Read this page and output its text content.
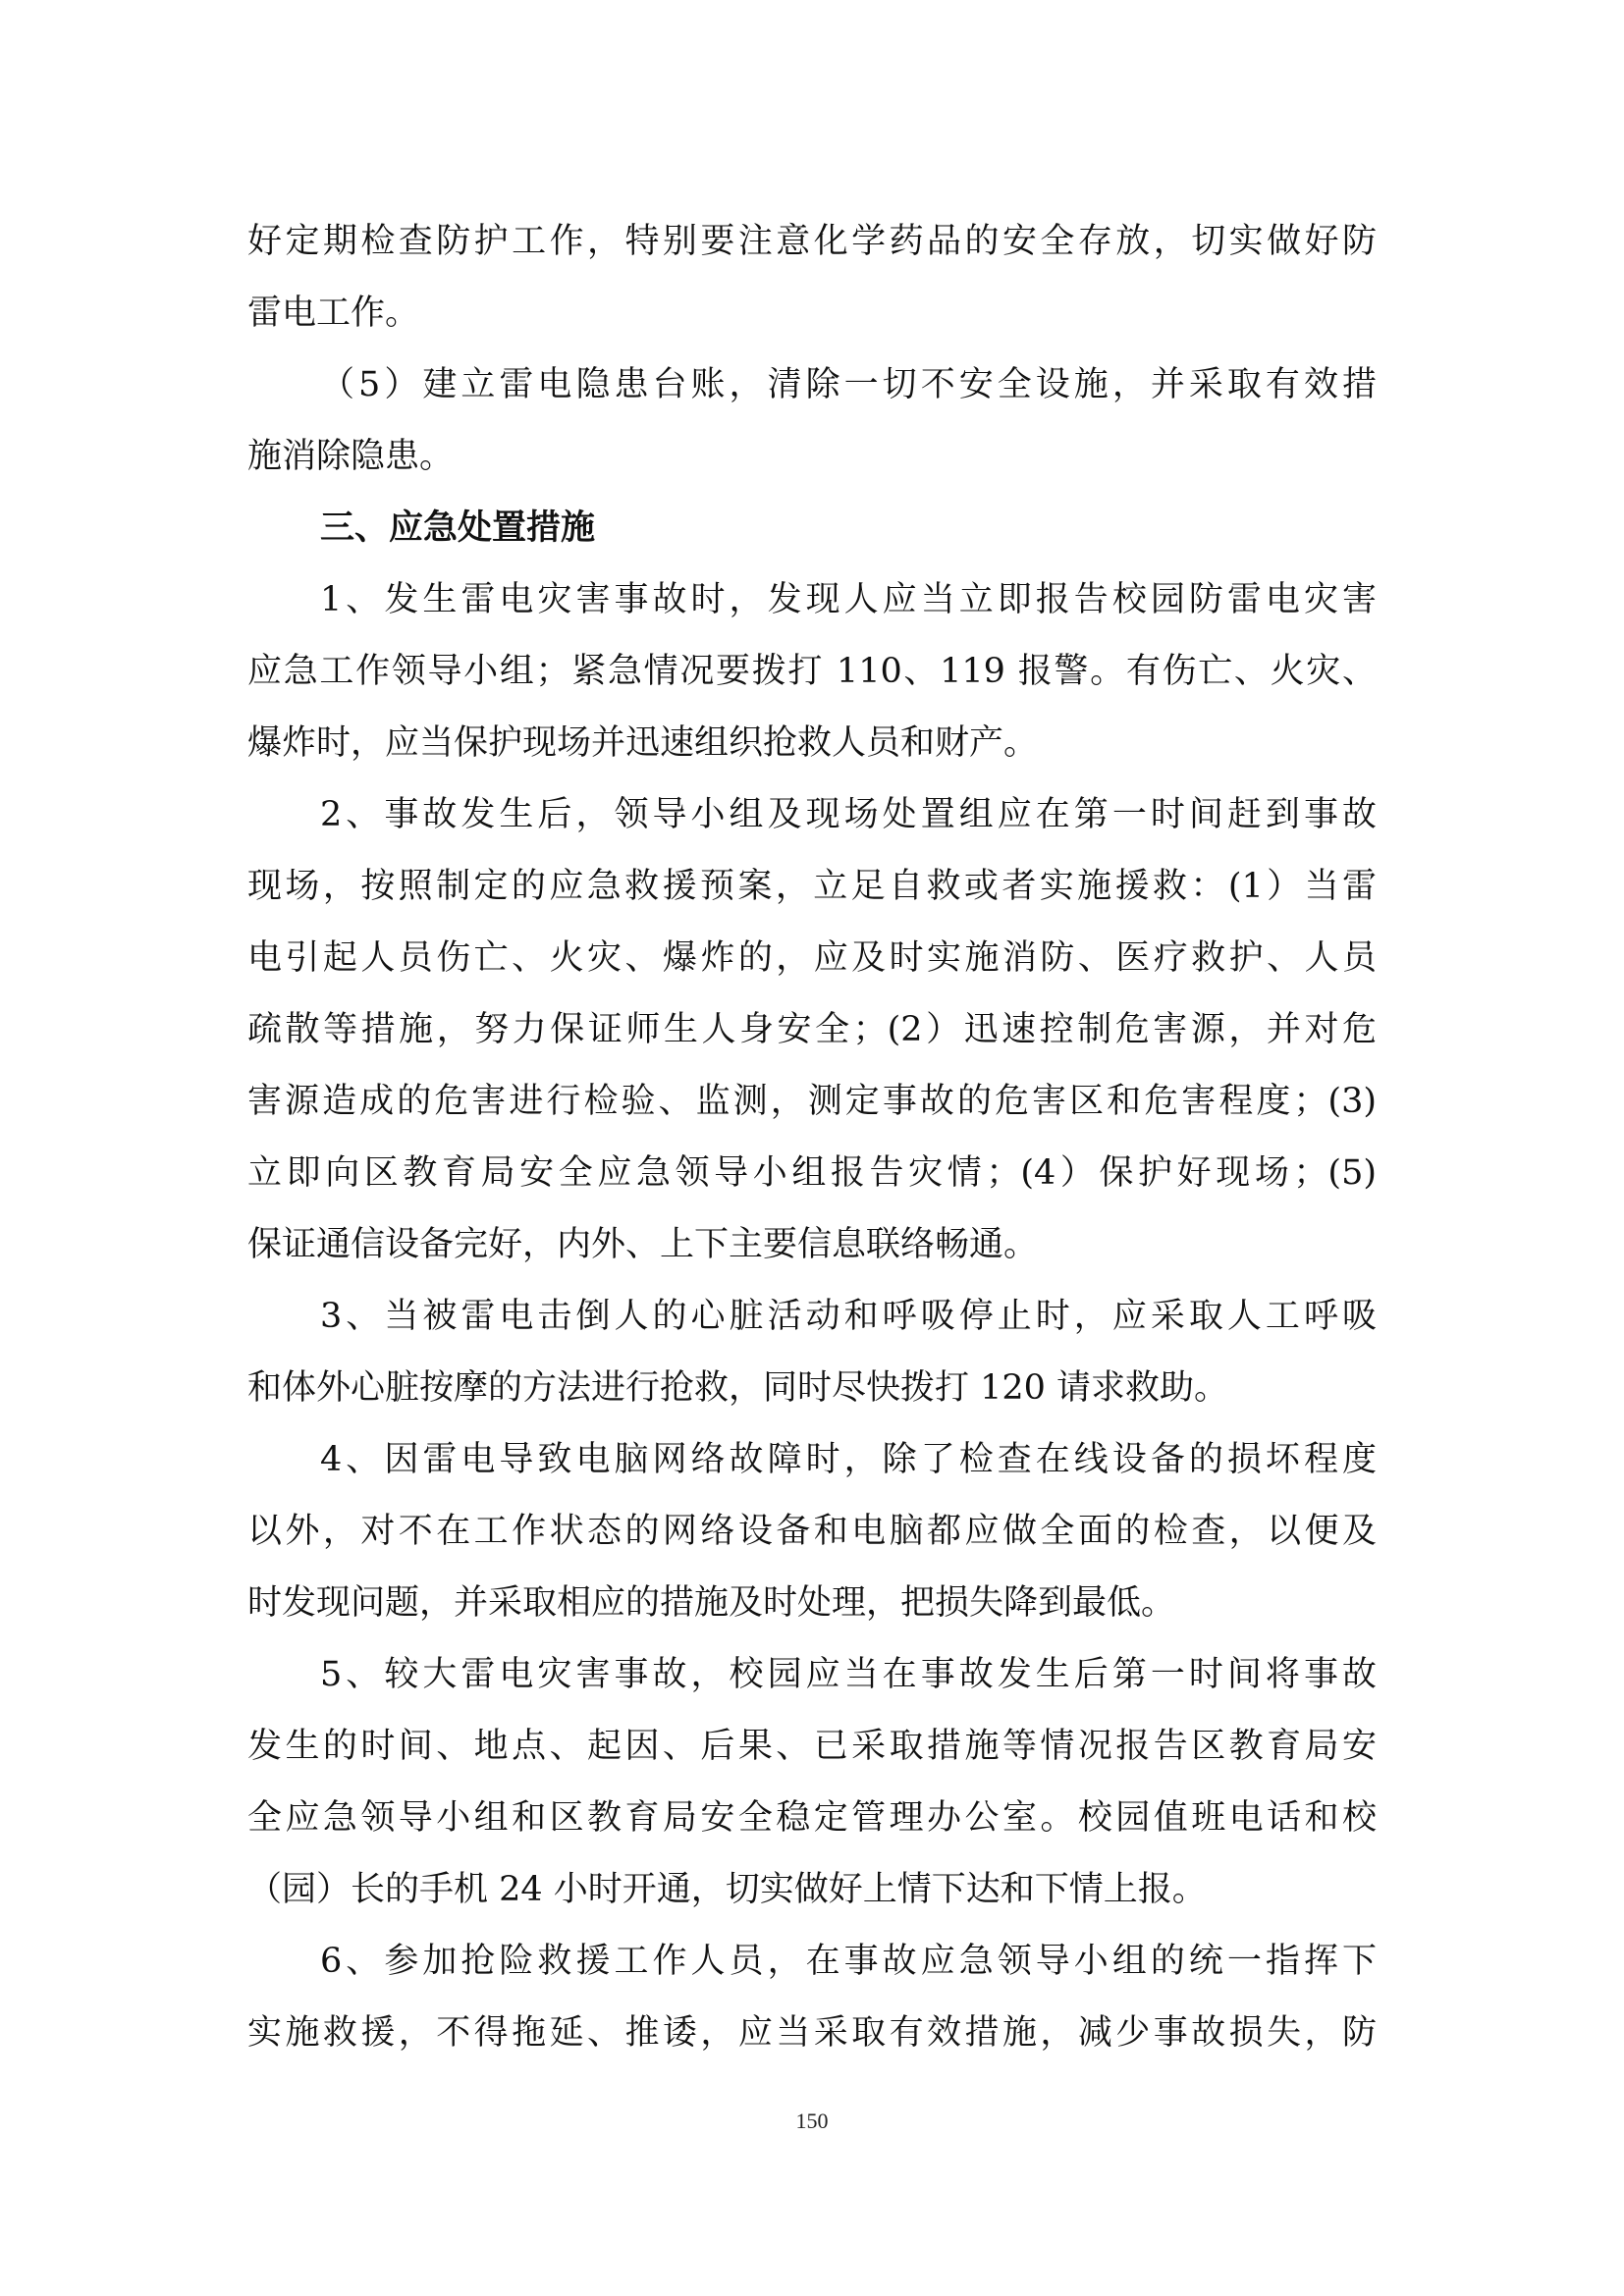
好定期检查防护工作，特别要注意化学药品的安全存放，切实做好防
雷电工作。
（5）建立雷电隐患台账，清除一切不安全设施，并采取有效措
施消除隐患。
三、应急处置措施
1、发生雷电灾害事故时，发现人应当立即报告校园防雷电灾害
应急工作领导小组；紧急情况要拨打 110、119 报警。有伤亡、火灾、
爆炸时，应当保护现场并迅速组织抢救人员和财产。
2、事故发生后，领导小组及现场处置组应在第一时间赶到事故
现场，按照制定的应急救援预案，立足自救或者实施援救：(1）当雷
电引起人员伤亡、火灾、爆炸的，应及时实施消防、医疗救护、人员
疏散等措施，努力保证师生人身安全；(2）迅速控制危害源，并对危
害源造成的危害进行检验、监测，测定事故的危害区和危害程度；(3)
立即向区教育局安全应急领导小组报告灾情；(4）保护好现场；(5)
保证通信设备完好，内外、上下主要信息联络畅通。
3、当被雷电击倒人的心脏活动和呼吸停止时，应采取人工呼吸
和体外心脏按摩的方法进行抢救，同时尽快拨打 120 请求救助。
4、因雷电导致电脑网络故障时，除了检查在线设备的损坏程度
以外，对不在工作状态的网络设备和电脑都应做全面的检查，以便及
时发现问题，并采取相应的措施及时处理，把损失降到最低。
5、较大雷电灾害事故，校园应当在事故发生后第一时间将事故
发生的时间、地点、起因、后果、已采取措施等情况报告区教育局安
全应急领导小组和区教育局安全稳定管理办公室。校园值班电话和校
（园）长的手机 24 小时开通，切实做好上情下达和下情上报。
6、参加抢险救援工作人员，在事故应急领导小组的统一指挥下
实施救援，不得拖延、推诿，应当采取有效措施，减少事故损失，防
150
